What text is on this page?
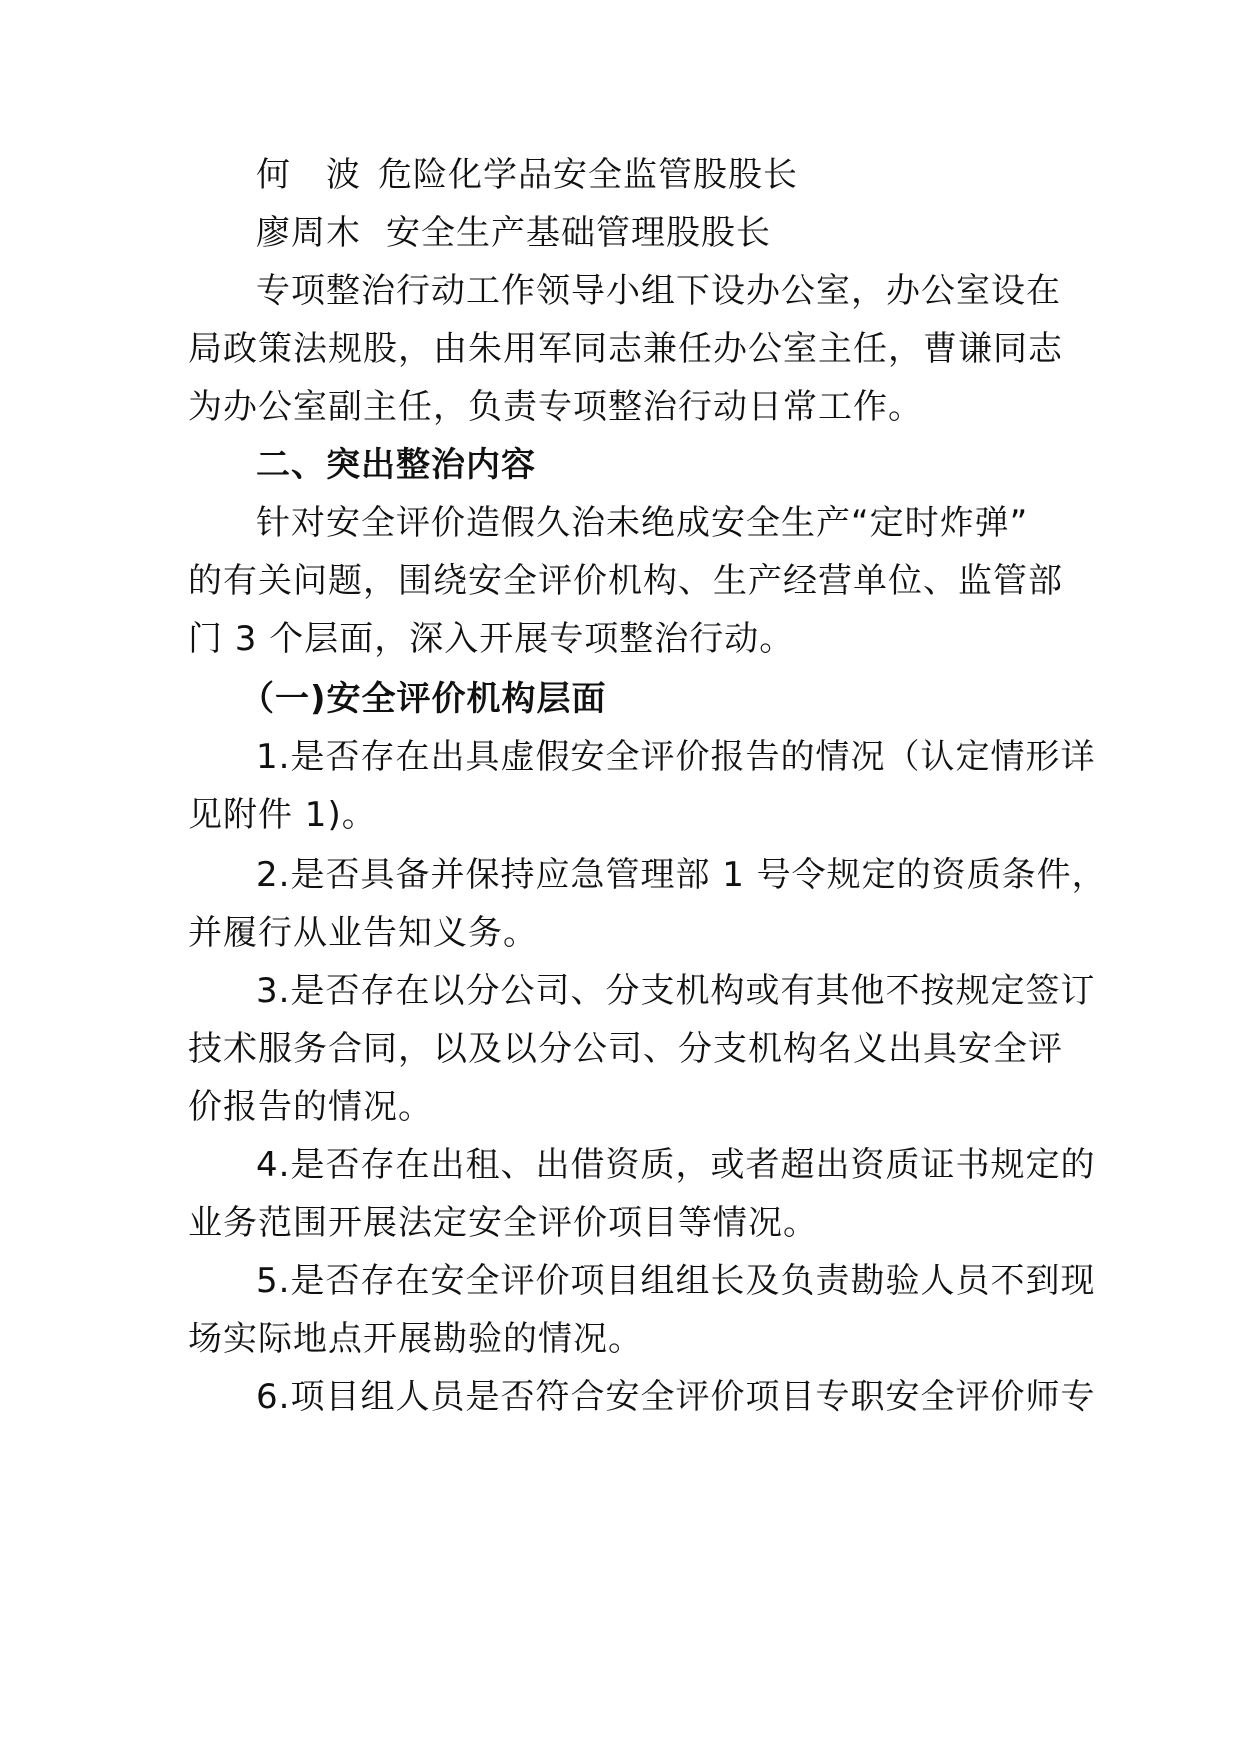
何　波 危险化学品安全监管股股长
廖周木 安全生产基础管理股股长
专项整治行动工作领导小组下设办公室，办公室设在
局政策法规股，由朱用军同志兼任办公室主任，曹谦同志
为办公室副主任，负责专项整治行动日常工作。
二、突出整治内容
针对安全评价造假久治未绝成安全生产“定时炸弹”
的有关问题，围绕安全评价机构、生产经营单位、监管部
门 3 个层面，深入开展专项整治行动。
（一)安全评价机构层面
1.是否存在出具虚假安全评价报告的情况（认定情形详
见附件 1)。
2.是否具备并保持应急管理部 1 号令规定的资质条件，
并履行从业告知义务。
3.是否存在以分公司、分支机构或有其他不按规定签订
技术服务合同，以及以分公司、分支机构名义出具安全评
价报告的情况。
4.是否存在出租、出借资质，或者超出资质证书规定的
业务范围开展法定安全评价项目等情况。
5.是否存在安全评价项目组组长及负责勘验人员不到现
场实际地点开展勘验的情况。
6.项目组人员是否符合安全评价项目专职安全评价师专
